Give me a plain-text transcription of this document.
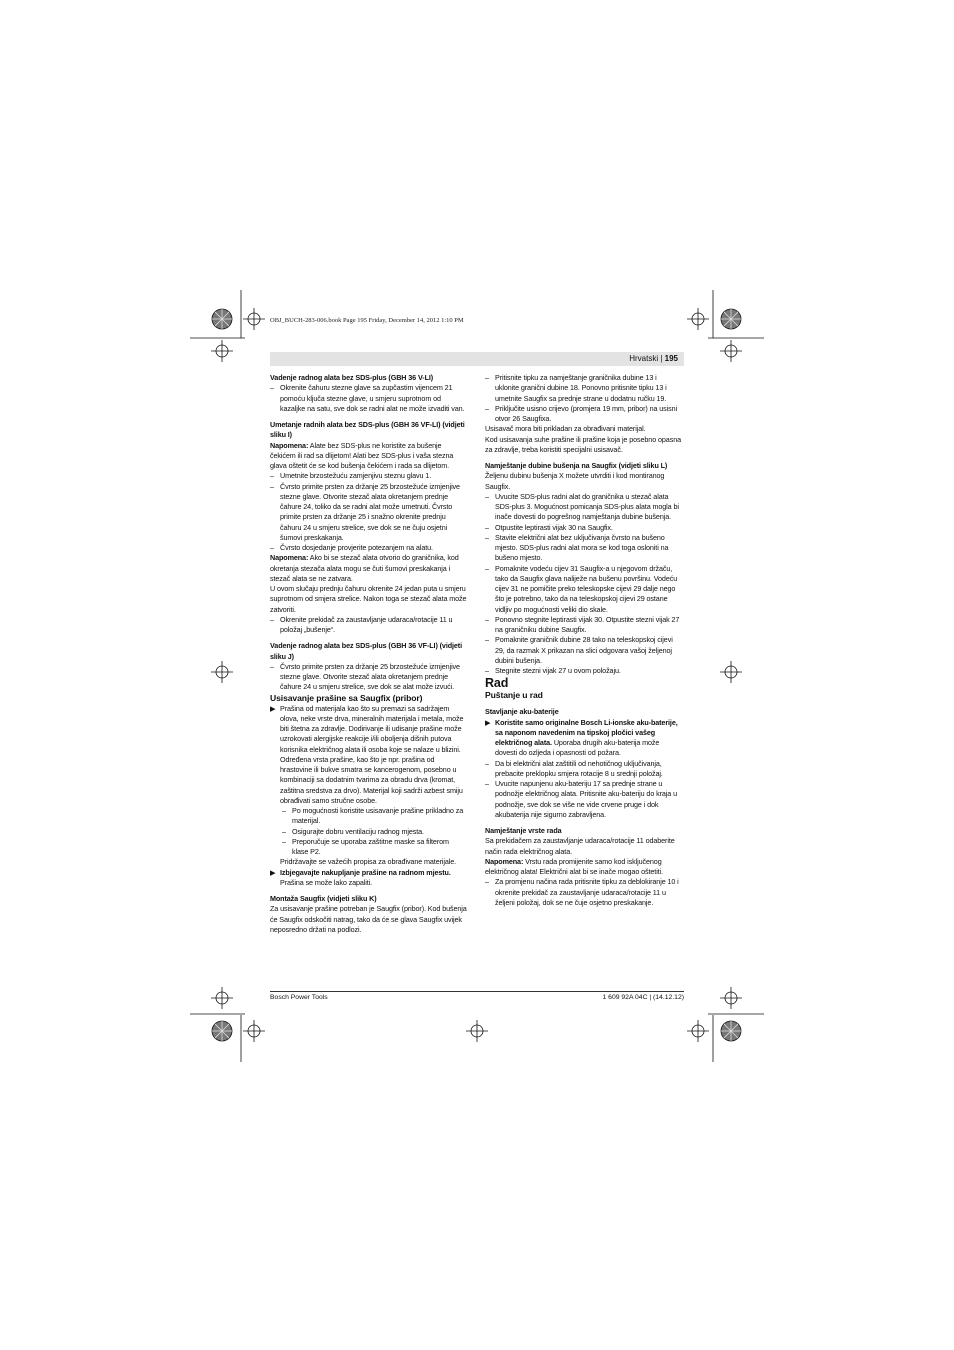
OBJ_BUCH-283-006.book Page 195 Friday, December 14, 2012 1:10 PM
Hrvatski | 195

Vadenje radnog alata bez SDS-plus (GBH 36 V-LI)

– Okrenite čahuru stezne glave sa zupčastim vijencem 21 pomoću ključa stezne glave, u smjeru suprotnom od kazaljke na satu, sve dok se radni alat ne može izvaditi van.

Umetanje radnih alata bez SDS-plus (GBH 36 VF-LI) (vidjeti sliku I)

Napomena: Alate bez SDS-plus ne koristite za bušenje čekićem ili rad sa dlijetom! Alati bez SDS-plus i vaša stezna glava oštetit će se kod bušenja čekićem i rada sa dlijetom.

– Umetnite brzostežuću zamjenjivu steznu glavu 1.
– Čvrsto primite prsten za držanje 25 brzostežuće izmjenjive stezne glave. Otvorite stezač alata okretanjem prednje čahure 24, toliko da se radni alat može umetnuti. Čvrsto primite prsten za držanje 25 i snažno okrenite prednju čahuru 24 u smjeru strelice, sve dok se ne čuju osjetni šumovi preskakanja.
– Čvrsto dosjedanje provjerite potezanjem na alatu.

Napomena: Ako bi se stezač alata otvorio do graničnika, kod okretanja stezača alata mogu se čuti šumovi preskakanja i stezač alata se ne zatvara.

U ovom slučaju prednju čahuru okrenite 24 jedan puta u smjeru suprotnom od smjera strelice. Nakon toga se stezač alata može zatvoriti.

– Okrenite prekidač za zaustavljanje udaraca/rotacije 11 u položaj „bušenje“.

Vadenje radnog alata bez SDS-plus (GBH 36 VF-LI) (vidjeti sliku J)

– Čvrsto primite prsten za držanje 25 brzostežuće izmjenjive stezne glave. Otvorite stezač alata okretanjem prednje čahure 24 u smjeru strelice, sve dok se alat može izvući.

Usisavanje prašine sa Saugfix (pribor)

▶ Prašina od materijala kao što su premazi sa sadržajem olova, neke vrste drva, mineralnih materijala i metala, može biti štetna za zdravlje. Dodirivanje ili udisanje prašine može uzrokovati alergijske reakcije i/ili oboljenja dišnih putova korisnika električnog alata ili osoba koje se nalaze u blizini.

Određena vrsta prašine, kao što je npr. prašina od hrastovine ili bukve smatra se kancerogenom, posebno u kombinaciji sa dodatnim tvarima za obradu drva (kromat, zaštitna sredstva za drvo). Materijal koji sadrži azbest smiju obrađivati samo stručne osobe.

– Po mogućnosti koristite usisavanje prašine prikladno za materijal.
– Osigurajte dobru ventilaciju radnog mjesta.
– Preporučuje se uporaba zaštitne maske sa filterom klase P2.

Pridržavajte se važećih propisa za obrađivane materijale.

▶ Izbjegavajte nakupljanje prašine na radnom mjestu.
Prašina se može lako zapaliti.

Montaža Saugfix (vidjeti sliku K)

Za usisavanje prašine potreban je Saugfix (pribor). Kod bušenja će Saugfix odskočiti natrag, tako da će se glava Saugfix uvijek neposredno držati na podlozi.

– Pritisnite tipku za namještanje graničnika dubine 13 i uklonite granični dubine 18. Ponovno pritisnite tipku 13 i umetnite Saugfix sa prednje strane u dodatnu ručku 19.
– Priključite usisno crijevo (promjera 19 mm, pribor) na usisni otvor 26 Saugfixa.

Usisavač mora biti prikladan za obrađivani materijal.

Kod usisavanja suhe prašine ili prašine koja je posebno opasna za zdravlje, treba koristiti specijalni usisavač.

Namještanje dubine bušenja na Saugfix (vidjeti sliku L)

Željenu dubinu bušenja X možete utvrditi i kod montiranog Saugfix.

– Uvucite SDS-plus radni alat do graničnika u stezač alata SDS-plus 3. Mogućnost pomicanja SDS-plus alata mogla bi inače dovesti do pogrešnog namještanja dubine bušenja.
– Otpustite leptirasti vijak 30 na Saugfix.
– Stavite električni alat bez uključivanja čvrsto na bušeno mjesto. SDS-plus radni alat mora se kod toga osloniti na bušeno mjesto.
– Pomaknite vodeću cijev 31 Saugfix-a u njegovom držaču, tako da Saugfix glava naliježe na bušenu površinu. Vodeću cijev 31 ne pomičite preko teleskopske cijevi 29 dalje nego što je potrebno, tako da na teleskopskoj cijevi 29 ostane vidljiv po mogućnosti veliki dio skale.
– Ponovno stegnite leptirasti vijak 30. Otpustite stezni vijak 27 na graničniku dubine Saugfix.
– Pomaknite graničnik dubine 28 tako na teleskopskoj cijevi 29, da razmak X prikazan na slici odgovara vašoj željenoj dubini bušenja.
– Stegnite stezni vijak 27 u ovom položaju.

Rad

Puštanje u rad

Stavljanje aku-baterije

▶ Koristite samo originalne Bosch Li-ionske aku-baterije, sa naponom navedenim na tipskoj pločici vašeg električnog alata. Uporaba drugih aku-baterija može dovesti do ozljeda i opasnosti od požara.
– Da bi električni alat zaštitili od nehotičnog uključivanja, prebacite preklopku smjera rotacije 8 u srednji položaj.
– Uvucite napunjenu aku-bateriju 17 sa prednje strane u podnožje električnog alata. Pritisnite aku-bateriju do kraja u podnožje, sve dok se više ne vide crvene pruge i dok akubaterija nije sigurno zabravljena.

Namještanje vrste rada

Sa prekidačem za zaustavljanje udaraca/rotacije 11 odaberite način rada električnog alata.

Napomena: Vrstu rada promijenite samo kod isključenog električnog alata! Električni alat bi se inače mogao oštetiti.

– Za promjenu načina rada pritisnite tipku za deblokiranje 10 i okrenite prekidač za zaustavljanje udaraca/rotacije 11 u željeni položaj, dok se ne čuje osjetno preskakanje.
Bosch Power Tools	1 609 92A 04C | (14.12.12)
